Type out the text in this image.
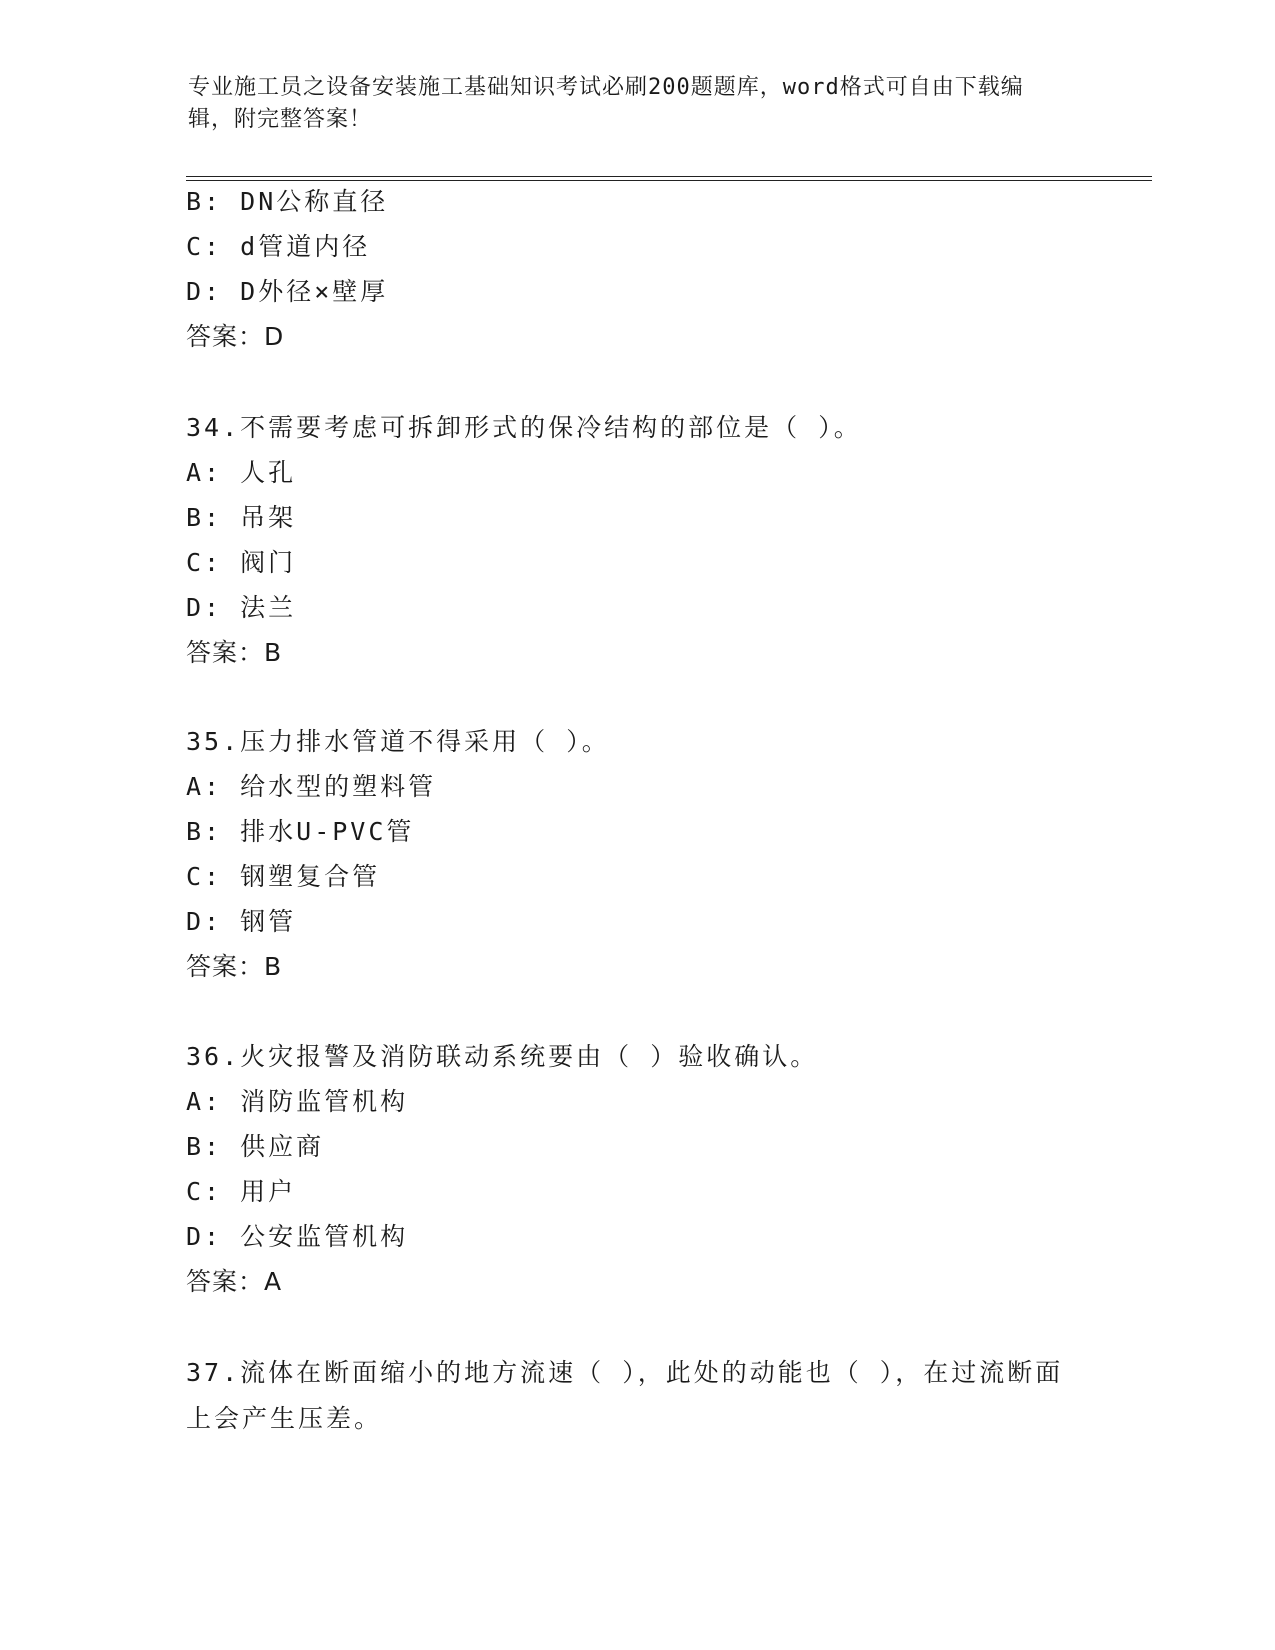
专业施工员之设备安装施工基础知识考试必刷200题题库，word格式可自由下载编辑，附完整答案！
B: DN公称直径
C: d管道内径
D: D外径×壁厚
答案：D
34.不需要考虑可拆卸形式的保冷结构的部位是（ ）。
A: 人孔
B: 吊架
C: 阀门
D: 法兰
答案：B
35.压力排水管道不得采用（ ）。
A: 给水型的塑料管
B: 排水U-PVC管
C: 钢塑复合管
D: 钢管
答案：B
36.火灾报警及消防联动系统要由（ ）验收确认。
A: 消防监管机构
B: 供应商
C: 用户
D: 公安监管机构
答案：A
37.流体在断面缩小的地方流速（ ），此处的动能也（ ），在过流断面上会产生压差。
